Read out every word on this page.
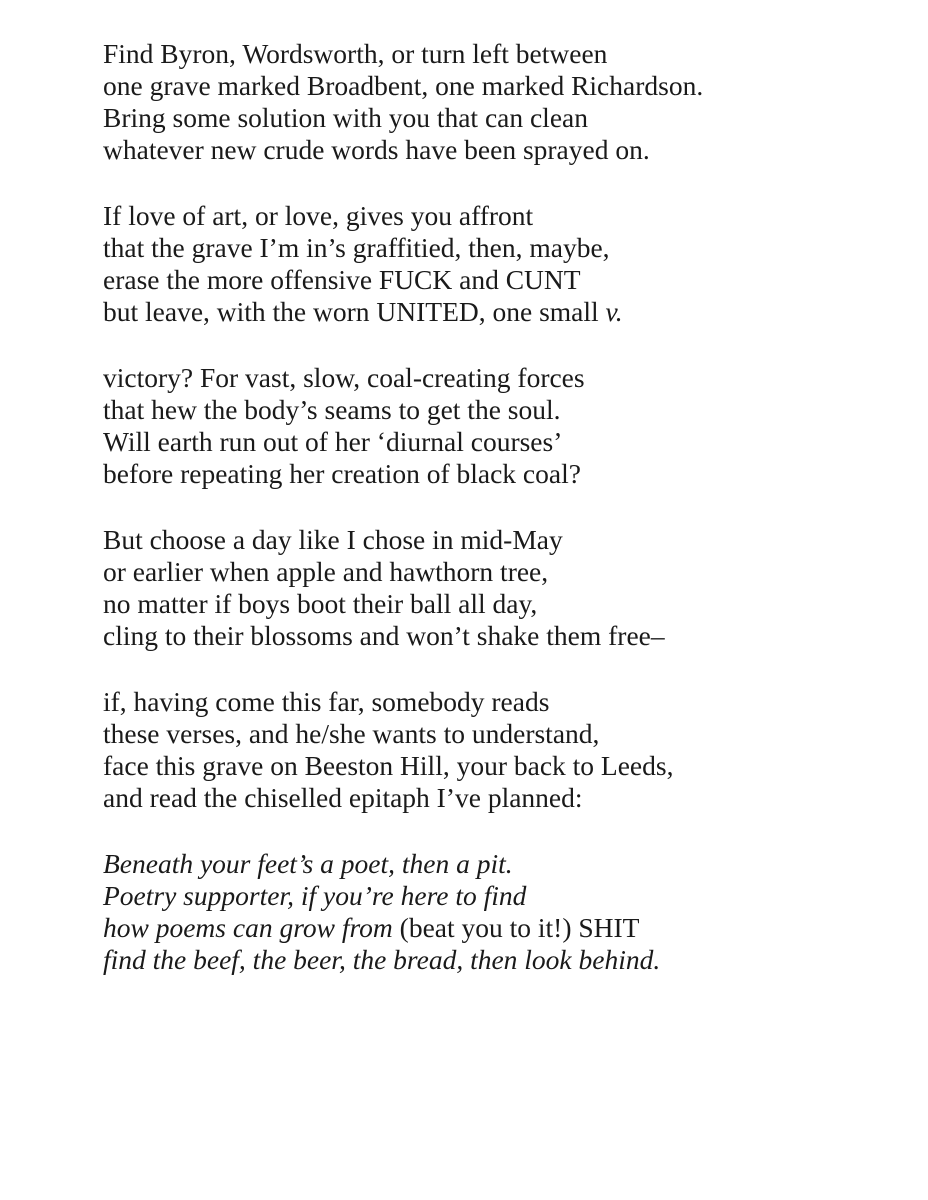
Find Byron, Wordsworth, or turn left between
one grave marked Broadbent, one marked Richardson.
Bring some solution with you that can clean
whatever new crude words have been sprayed on.
If love of art, or love, gives you affront
that the grave I’m in’s graffitied, then, maybe,
erase the more offensive FUCK and CUNT
but leave, with the worn UNITED, one small v.
victory? For vast, slow, coal-creating forces
that hew the body’s seams to get the soul.
Will earth run out of her ‘diurnal courses’
before repeating her creation of black coal?
But choose a day like I chose in mid-May
or earlier when apple and hawthorn tree,
no matter if boys boot their ball all day,
cling to their blossoms and won’t shake them free–
if, having come this far, somebody reads
these verses, and he/she wants to understand,
face this grave on Beeston Hill, your back to Leeds,
and read the chiselled epitaph I’ve planned:
Beneath your feet’s a poet, then a pit.
Poetry supporter, if you’re here to find
how poems can grow from (beat you to it!) SHIT
find the beef, the beer, the bread, then look behind.
